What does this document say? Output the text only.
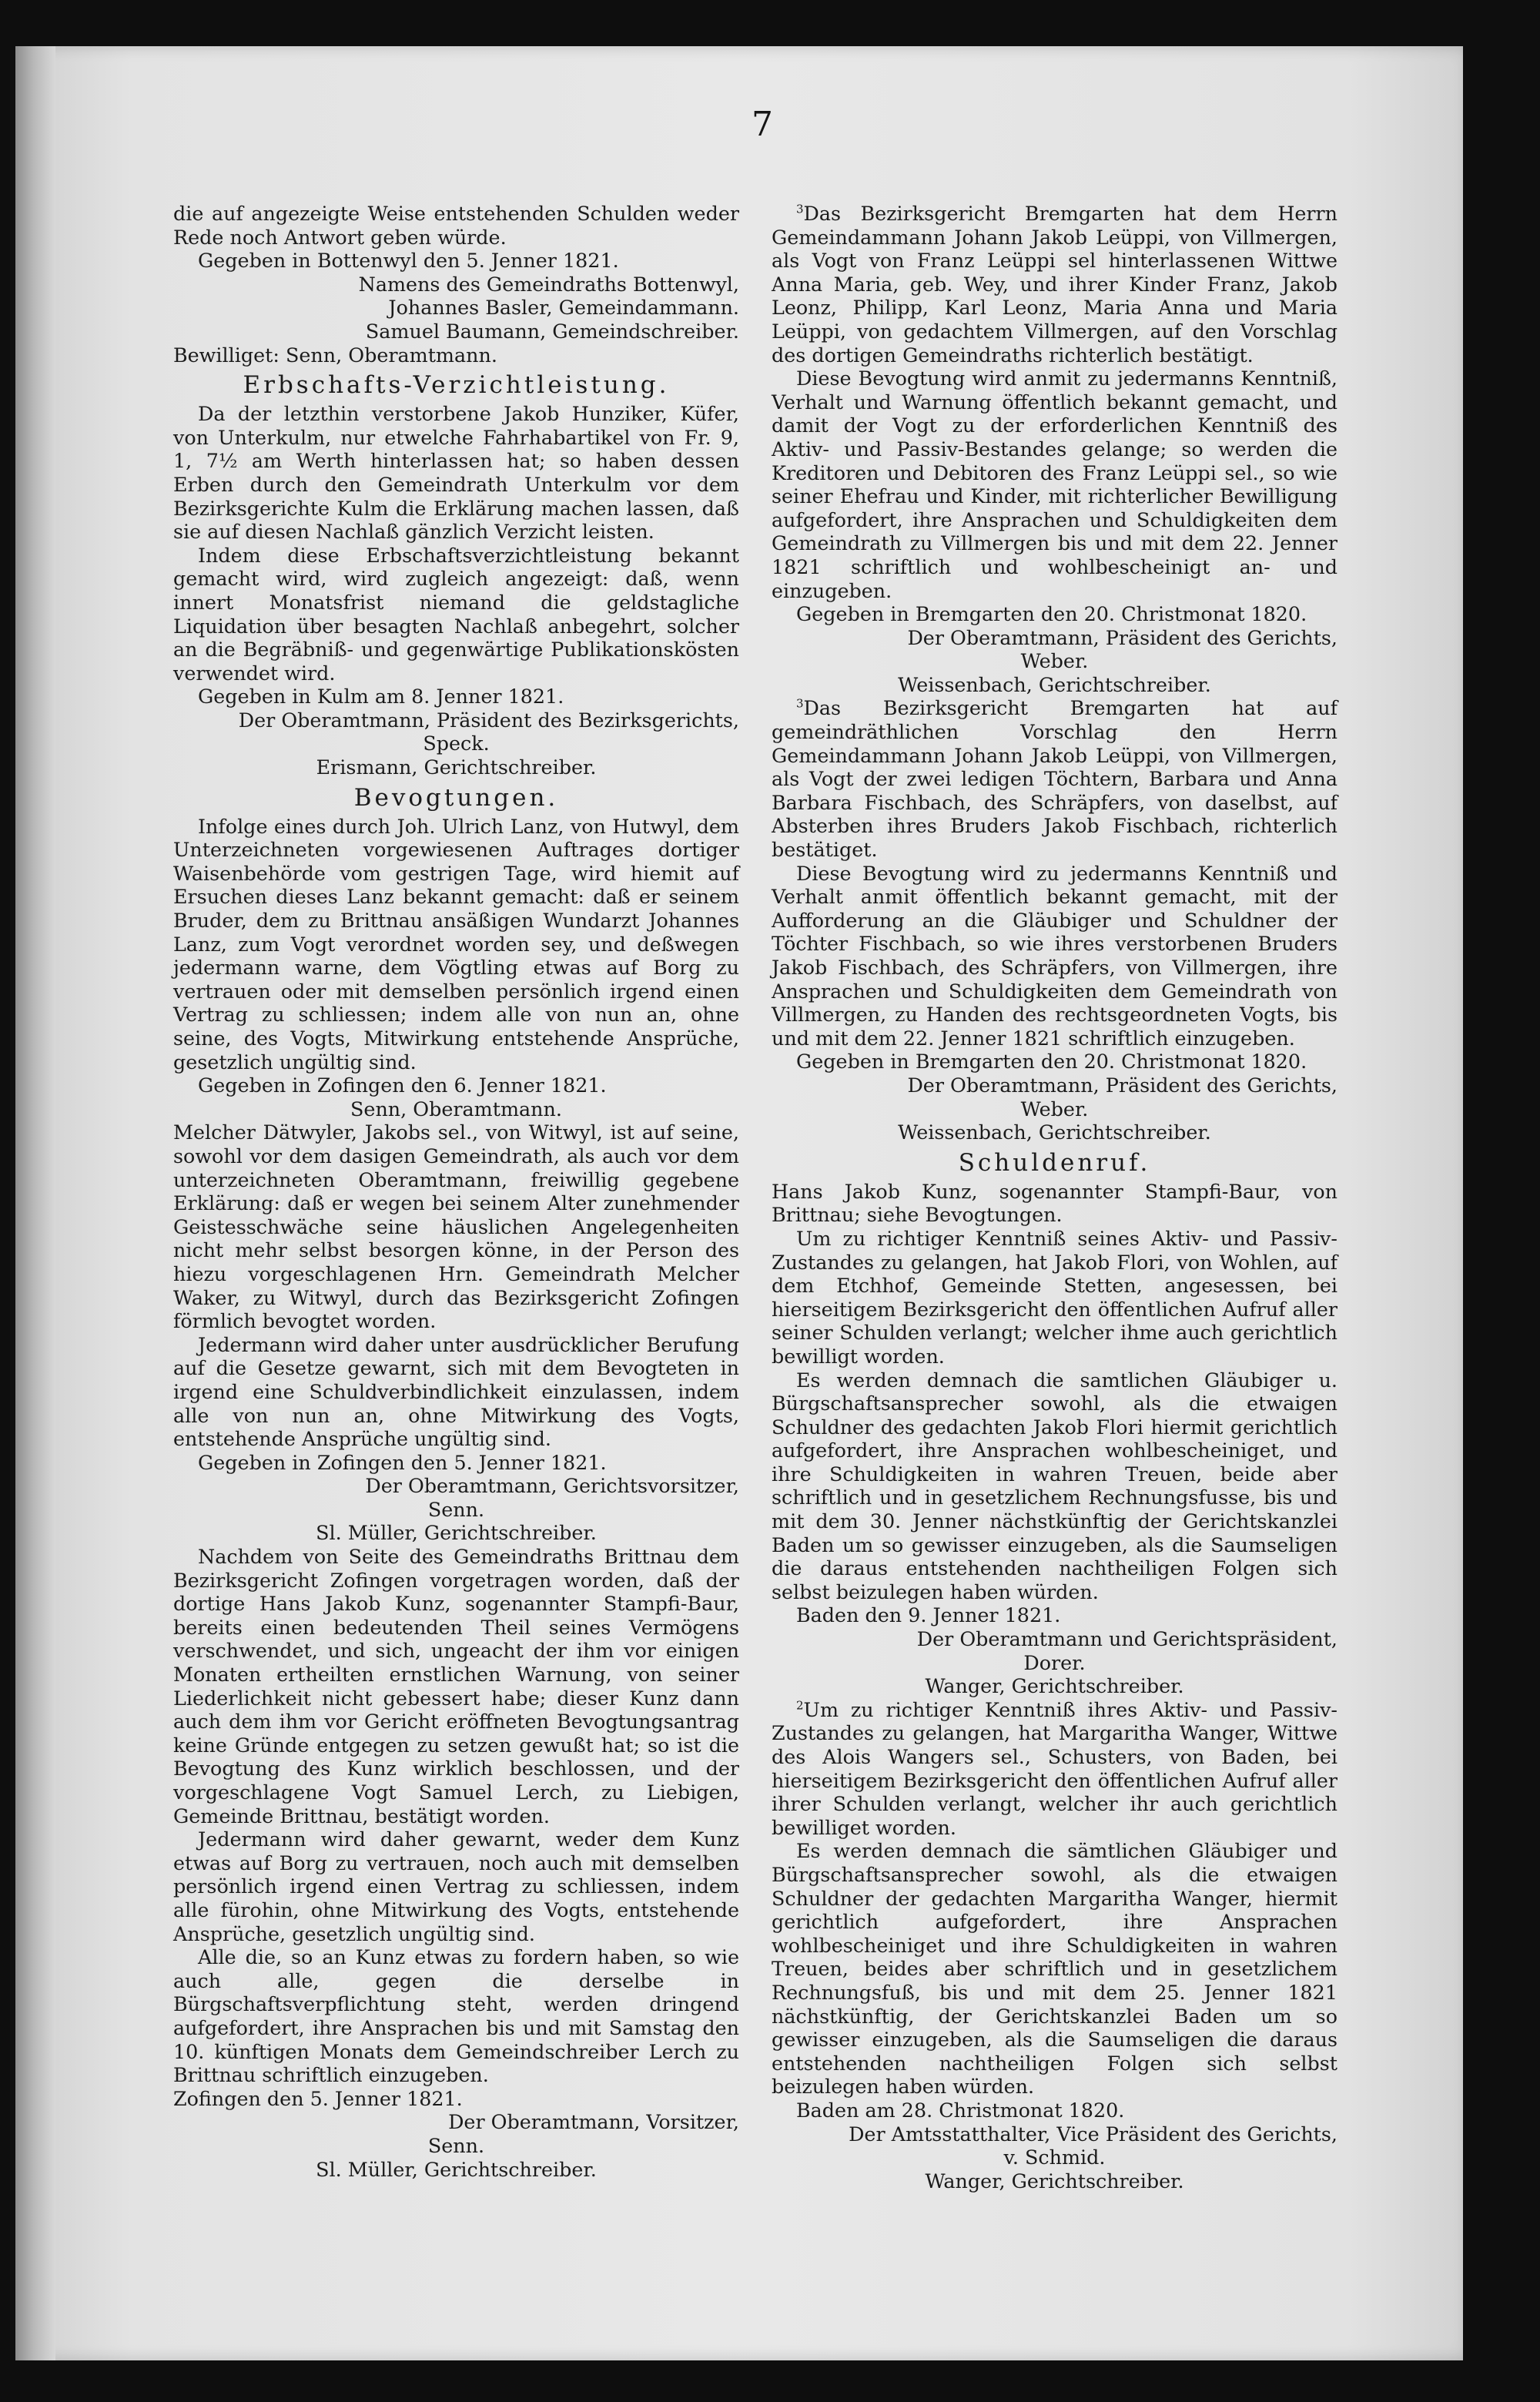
7

die auf angezeigte Weise entstehenden Schulden weder Rede noch Antwort geben würde.

Gegeben in Bottenwyl den 5. Jenner 1821.

Namens des Gemeindraths Bottenwyl,

Johannes Basler, Gemeindammann.

Samuel Baumann, Gemeindschreiber.

Bewilliget: Senn, Oberamtmann.

Erbschafts-Verzichtleistung.

Da der letzthin verstorbene Jakob Hunziker, Küfer, von Unterkulm, nur etwelche Fahrhabartikel von Fr. 9, 1, 7½ am Werth hinterlassen hat; so haben dessen Erben durch den Gemeindrath Unterkulm vor dem Bezirksgerichte Kulm die Erklärung machen lassen, daß sie auf diesen Nachlaß gänzlich Verzicht leisten.

Indem diese Erbschaftsverzichtleistung bekannt gemacht wird, wird zugleich angezeigt: daß, wenn innert Monatsfrist niemand die geldstagliche Liquidation über besagten Nachlaß anbegehrt, solcher an die Begräbniß- und gegenwärtige Publikationskösten verwendet wird.

Gegeben in Kulm am 8. Jenner 1821.

Der Oberamtmann, Präsident des Bezirksgerichts,

Speck.

Erismann, Gerichtschreiber.

Bevogtungen.

Infolge eines durch Joh. Ulrich Lanz, von Hutwyl, dem Unterzeichneten vorgewiesenen Auftrages dortiger Waisenbehörde vom gestrigen Tage, wird hiemit auf Ersuchen dieses Lanz bekannt gemacht: daß er seinem Bruder, dem zu Brittnau ansäßigen Wundarzt Johannes Lanz, zum Vogt verordnet worden sey, und deßwegen jedermann warne, dem Vögtling etwas auf Borg zu vertrauen oder mit demselben persönlich irgend einen Vertrag zu schliessen; indem alle von nun an, ohne seine, des Vogts, Mitwirkung entstehende Ansprüche, gesetzlich ungültig sind.

Gegeben in Zofingen den 6. Jenner 1821.

Senn, Oberamtmann.

Melcher Dätwyler, Jakobs sel., von Witwyl, ist auf seine, sowohl vor dem dasigen Gemeindrath, als auch vor dem unterzeichneten Oberamtmann, freiwillig gegebene Erklärung: daß er wegen bei seinem Alter zunehmender Geistesschwäche seine häuslichen Angelegenheiten nicht mehr selbst besorgen könne, in der Person des hiezu vorgeschlagenen Hrn. Gemeindrath Melcher Waker, zu Witwyl, durch das Bezirksgericht Zofingen förmlich bevogtet worden.

Jedermann wird daher unter ausdrücklicher Berufung auf die Gesetze gewarnt, sich mit dem Bevogteten in irgend eine Schuldverbindlichkeit einzulassen, indem alle von nun an, ohne Mitwirkung des Vogts, entstehende Ansprüche ungültig sind.

Gegeben in Zofingen den 5. Jenner 1821.

Der Oberamtmann, Gerichtsvorsitzer,

Senn.

Sl. Müller, Gerichtschreiber.

Nachdem von Seite des Gemeindraths Brittnau dem Bezirksgericht Zofingen vorgetragen worden, daß der dortige Hans Jakob Kunz, sogenannter Stampfi-Baur, bereits einen bedeutenden Theil seines Vermögens verschwendet, und sich, ungeacht der ihm vor einigen Monaten ertheilten ernstlichen Warnung, von seiner Liederlichkeit nicht gebessert habe; dieser Kunz dann auch dem ihm vor Gericht eröffneten Bevogtungsantrag keine Gründe entgegen zu setzen gewußt hat; so ist die Bevogtung des Kunz wirklich beschlossen, und der vorgeschlagene Vogt Samuel Lerch, zu Liebigen, Gemeinde Brittnau, bestätigt worden.

Jedermann wird daher gewarnt, weder dem Kunz etwas auf Borg zu vertrauen, noch auch mit demselben persönlich irgend einen Vertrag zu schliessen, indem alle fürohin, ohne Mitwirkung des Vogts, entstehende Ansprüche, gesetzlich ungültig sind.

Alle die, so an Kunz etwas zu fordern haben, so wie auch alle, gegen die derselbe in Bürgschaftsverpflichtung steht, werden dringend aufgefordert, ihre Ansprachen bis und mit Samstag den 10. künftigen Monats dem Gemeindschreiber Lerch zu Brittnau schriftlich einzugeben.

Zofingen den 5. Jenner 1821.

Der Oberamtmann, Vorsitzer,

Senn.

Sl. Müller, Gerichtschreiber.

$^3$Das Bezirksgericht Bremgarten hat dem Herrn Gemeindammann Johann Jakob Leüppi, von Villmergen, als Vogt von Franz Leüppi sel hinterlassenen Wittwe Anna Maria, geb. Wey, und ihrer Kinder Franz, Jakob Leonz, Philipp, Karl Leonz, Maria Anna und Maria Leüppi, von gedachtem Villmergen, auf den Vorschlag des dortigen Gemeindraths richterlich bestätigt.

Diese Bevogtung wird anmit zu jedermanns Kenntniß, Verhalt und Warnung öffentlich bekannt gemacht, und damit der Vogt zu der erforderlichen Kenntniß des Aktiv- und Passiv-Bestandes gelange; so werden die Kreditoren und Debitoren des Franz Leüppi sel., so wie seiner Ehefrau und Kinder, mit richterlicher Bewilligung aufgefordert, ihre Ansprachen und Schuldigkeiten dem Gemeindrath zu Villmergen bis und mit dem 22. Jenner 1821 schriftlich und wohlbescheinigt an- und einzugeben.

Gegeben in Bremgarten den 20. Christmonat 1820.

Der Oberamtmann, Präsident des Gerichts,

Weber.

Weissenbach, Gerichtschreiber.

$^3$Das Bezirksgericht Bremgarten hat auf gemeindräthlichen Vorschlag den Herrn Gemeindammann Johann Jakob Leüppi, von Villmergen, als Vogt der zwei ledigen Töchtern, Barbara und Anna Barbara Fischbach, des Schräpfers, von daselbst, auf Absterben ihres Bruders Jakob Fischbach, richterlich bestätiget.

Diese Bevogtung wird zu jedermanns Kenntniß und Verhalt anmit öffentlich bekannt gemacht, mit der Aufforderung an die Gläubiger und Schuldner der Töchter Fischbach, so wie ihres verstorbenen Bruders Jakob Fischbach, des Schräpfers, von Villmergen, ihre Ansprachen und Schuldigkeiten dem Gemeindrath von Villmergen, zu Handen des rechtsgeordneten Vogts, bis und mit dem 22. Jenner 1821 schriftlich einzugeben.

Gegeben in Bremgarten den 20. Christmonat 1820.

Der Oberamtmann, Präsident des Gerichts,

Weber.

Weissenbach, Gerichtschreiber.

Schuldenruf.

Hans Jakob Kunz, sogenannter Stampfi-Baur, von Brittnau; siehe Bevogtungen.

Um zu richtiger Kenntniß seines Aktiv- und Passiv-Zustandes zu gelangen, hat Jakob Flori, von Wohlen, auf dem Etchhof, Gemeinde Stetten, angesessen, bei hierseitigem Bezirksgericht den öffentlichen Aufruf aller seiner Schulden verlangt; welcher ihme auch gerichtlich bewilligt worden.

Es werden demnach die samtlichen Gläubiger u. Bürgschaftsansprecher sowohl, als die etwaigen Schuldner des gedachten Jakob Flori hiermit gerichtlich aufgefordert, ihre Ansprachen wohlbescheiniget, und ihre Schuldigkeiten in wahren Treuen, beide aber schriftlich und in gesetzlichem Rechnungsfusse, bis und mit dem 30. Jenner nächstkünftig der Gerichtskanzlei Baden um so gewisser einzugeben, als die Saumseligen die daraus entstehenden nachtheiligen Folgen sich selbst beizulegen haben würden.

Baden den 9. Jenner 1821.

Der Oberamtmann und Gerichtspräsident,

Dorer.

Wanger, Gerichtschreiber.

$^2$Um zu richtiger Kenntniß ihres Aktiv- und Passiv-Zustandes zu gelangen, hat Margaritha Wanger, Wittwe des Alois Wangers sel., Schusters, von Baden, bei hierseitigem Bezirksgericht den öffentlichen Aufruf aller ihrer Schulden verlangt, welcher ihr auch gerichtlich bewilliget worden.

Es werden demnach die sämtlichen Gläubiger und Bürgschaftsansprecher sowohl, als die etwaigen Schuldner der gedachten Margaritha Wanger, hiermit gerichtlich aufgefordert, ihre Ansprachen wohlbescheiniget und ihre Schuldigkeiten in wahren Treuen, beides aber schriftlich und in gesetzlichem Rechnungsfuß, bis und mit dem 25. Jenner 1821 nächstkünftig, der Gerichtskanzlei Baden um so gewisser einzugeben, als die Saumseligen die daraus entstehenden nachtheiligen Folgen sich selbst beizulegen haben würden.

Baden am 28. Christmonat 1820.

Der Amtsstatthalter, Vice Präsident des Gerichts,

v. Schmid.

Wanger, Gerichtschreiber.
